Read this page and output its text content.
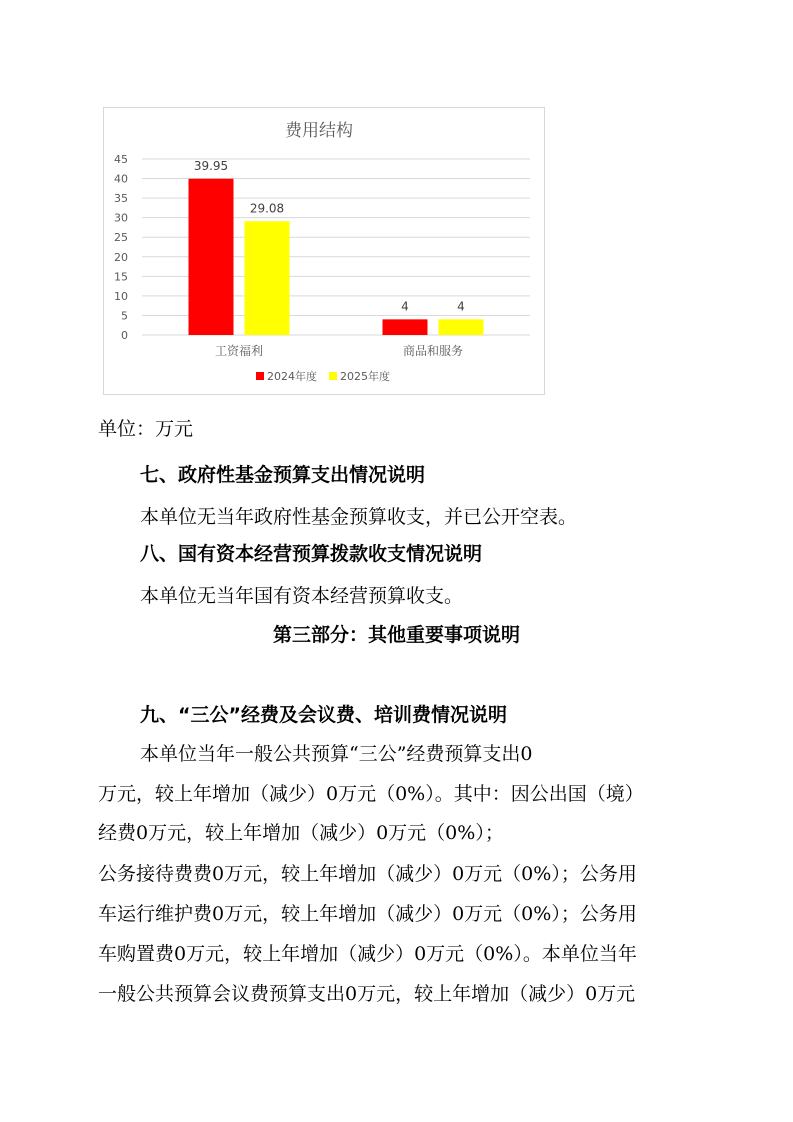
费用结构
0
5
10
15
20
25
30
35
40
45	39.95
29.08
4	4
工资福利	商品和服务
2024年度 2025年度
单位：万元
七、政府性基金预算支出情况说明
本单位无当年政府性基金预算收支，并已公开空表。
八、国有资本经营预算拨款收支情况说明
本单位无当年国有资本经营预算收支。
第三部分：其他重要事项说明
九、“三公”经费及会议费、培训费情况说明
本单位当年一般公共预算“三公”经费预算支出0
万元，较上年增加（减少）0万元（0%）。其中：因公出国（境）
经费0万元，较上年增加（减少）0万元（0%）；
公务接待费费0万元，较上年增加（减少）0万元（0%）；公务用
车运行维护费0万元，较上年增加（减少）0万元（0%）；公务用
车购置费0万元，较上年增加（减少）0万元（0%）。本单位当年
一般公共预算会议费预算支出0万元，较上年增加（减少）0万元
